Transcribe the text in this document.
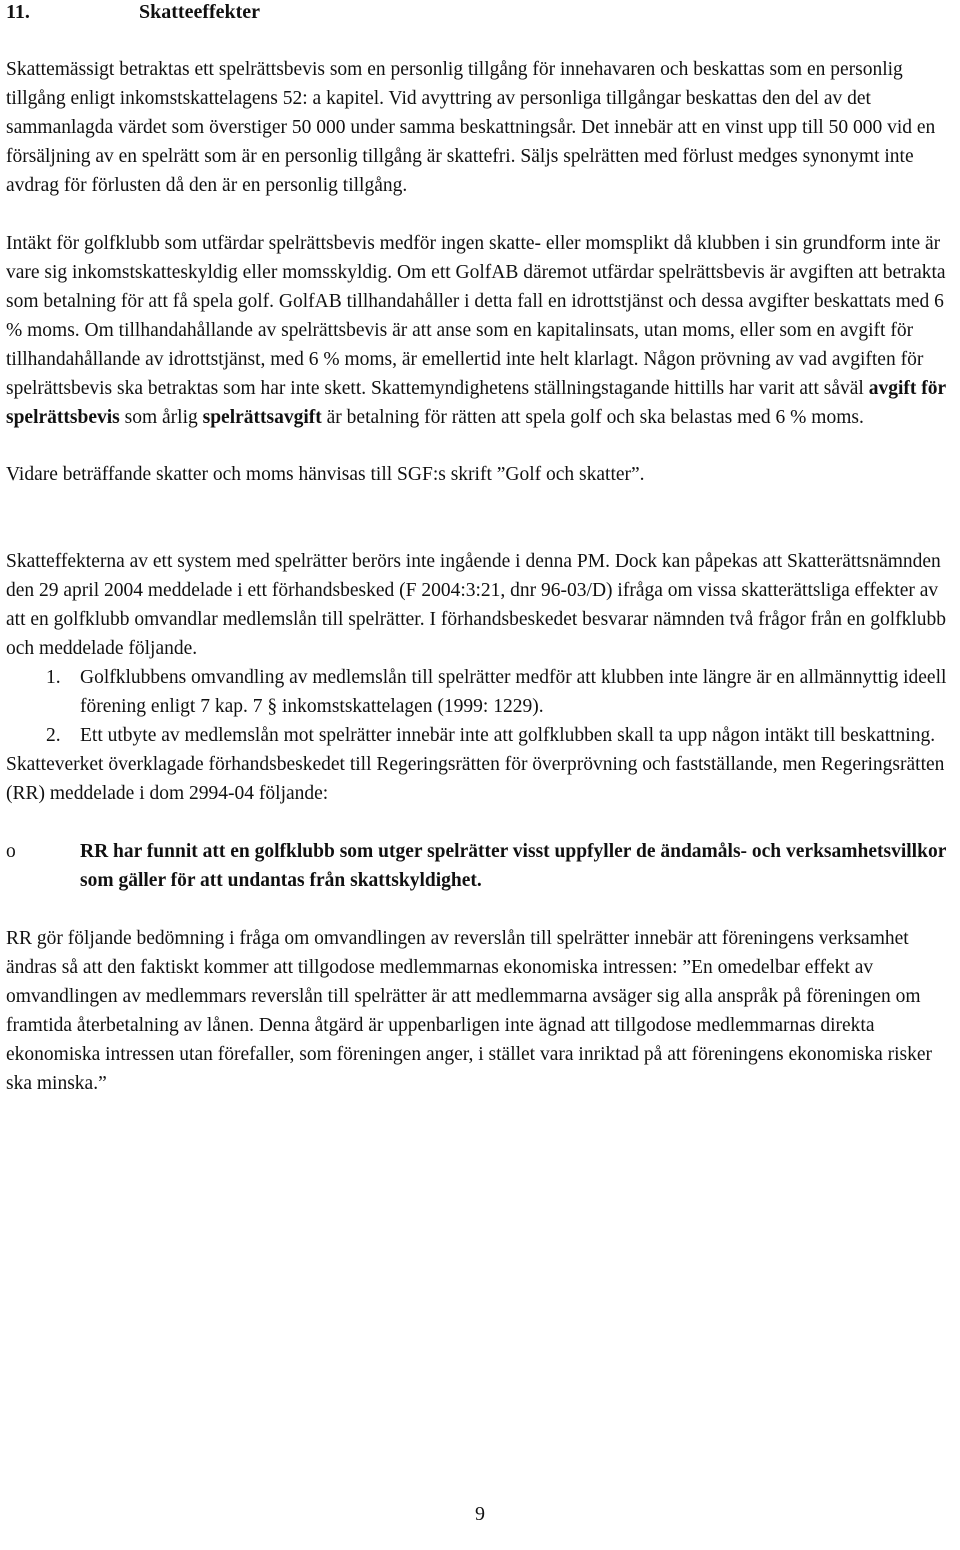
11.	Skatteeffekter

Skattemässigt betraktas ett spelrättsbevis som en personlig tillgång för innehavaren och beskattas som en personlig tillgång enligt inkomstskattelagens 52: a kapitel. Vid avyttring av personliga tillgångar beskattas den del av det sammanlagda värdet som överstiger 50 000 under samma beskattningsår. Det innebär att en vinst upp till 50 000 vid en försäljning av en spelrätt som är en personlig tillgång är skattefri. Säljs spelrätten med förlust medges synonymt inte avdrag för förlusten då den är en personlig tillgång.

Intäkt för golfklubb som utfärdar spelrättsbevis medför ingen skatte- eller momsplikt då klubben i sin grundform inte är vare sig inkomstskatteskyldig eller momsskyldig. Om ett GolfAB däremot utfärdar spelrättsbevis är avgiften att betrakta som betalning för att få spela golf. GolfAB tillhandahåller i detta fall en idrottstjänst och dessa avgifter beskattats med 6 % moms. Om tillhandahållande av spelrättsbevis är att anse som en kapitalinsats, utan moms, eller som en avgift för tillhandahållande av idrottstjänst, med 6 % moms, är emellertid inte helt klarlagt. Någon prövning av vad avgiften för spelrättsbevis ska betraktas som har inte skett. Skattemyndighetens ställningstagande hittills har varit att såväl avgift för spelrättsbevis som årlig spelrättsavgift är betalning för rätten att spela golf och ska belastas med 6 % moms.

Vidare beträffande skatter och moms hänvisas till SGF:s skrift ”Golf och skatter”.

Skatteffekterna av ett system med spelrätter berörs inte ingående i denna PM. Dock kan påpekas att Skatterättsnämnden den 29 april 2004 meddelade i ett förhandsbesked (F 2004:3:21, dnr 96-03/D) ifråga om vissa skatterättsliga effekter av att en golfklubb omvandlar medlemslån till spelrätter. I förhandsbeskedet besvarar nämnden två frågor från en golfklubb och meddelade följande.

1. Golfklubbens omvandling av medlemslån till spelrätter medför att klubben inte längre är en allmännyttig ideell förening enligt 7 kap. 7 § inkomstskattelagen (1999: 1229).
2. Ett utbyte av medlemslån mot spelrätter innebär inte att golfklubben skall ta upp någon intäkt till beskattning.

Skatteverket överklagade förhandsbeskedet till Regeringsrätten för överprövning och fastställande, men Regeringsrätten (RR) meddelade i dom 2994-04 följande:

o	RR har funnit att en golfklubb som utger spelrätter visst uppfyller de ändamåls- och verksamhetsvillkor som gäller för att undantas från skattskyldighet.

RR gör följande bedömning i fråga om omvandlingen av reverslån till spelrätter innebär att föreningens verksamhet ändras så att den faktiskt kommer att tillgodose medlemmarnas ekonomiska intressen: ”En omedelbar effekt av omvandlingen av medlemmars reverslån till spelrätter är att medlemmarna avsäger sig alla anspråk på föreningen om framtida återbetalning av lånen. Denna åtgärd är uppenbarligen inte ägnad att tillgodose medlemmarnas direkta ekonomiska intressen utan förefaller, som föreningen anger, i stället vara inriktad på att föreningens ekonomiska risker ska minska.”

9
